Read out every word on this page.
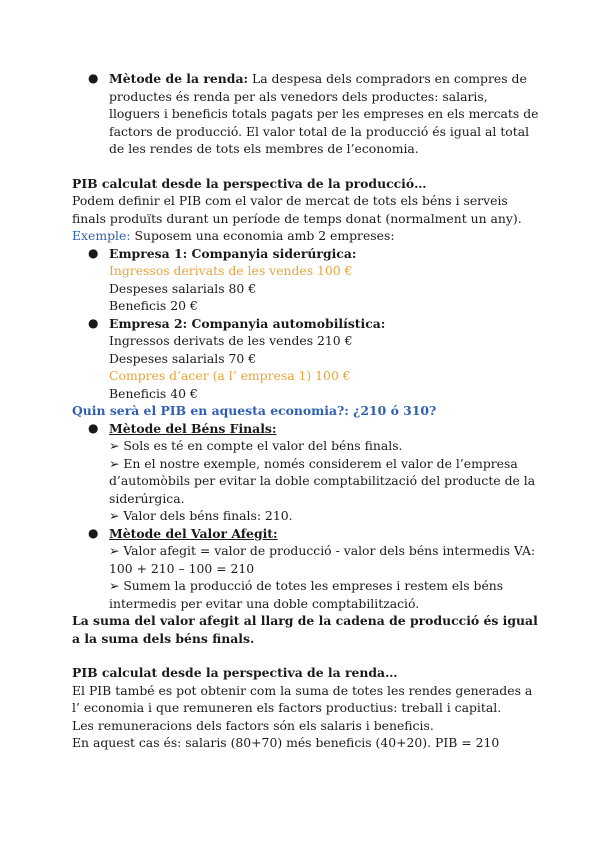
● Mètode de la renda: La despesa dels compradors en compres de productes és renda per als venedors dels productes: salaris, lloguers i beneficis totals pagats per les empreses en els mercats de factors de producció. El valor total de la producció és igual al total de les rendes de tots els membres de l’economia.

PIB calculat desde la perspectiva de la producció…

Podem definir el PIB com el valor de mercat de tots els béns i serveis finals produïts durant un període de temps donat (normalment un any).

Exemple: Suposem una economia amb 2 empreses:

● Empresa 1: Companyia siderúrgica:

Ingressos derivats de les vendes 100 €

Despeses salarials 80 €

Beneficis 20 €

● Empresa 2: Companyia automobilística:

Ingressos derivats de les vendes 210 €

Despeses salarials 70 €

Compres d’acer (a l’ empresa 1) 100 €

Beneficis 40 €

Quin serà el PIB en aquesta economia?: ¿210 ó 310?

● Mètode del Béns Finals:

➢ Sols es té en compte el valor del béns finals.

➢ En el nostre exemple, només considerem el valor de l’empresa d’automòbils per evitar la doble comptabilització del producte de la siderúrgica.

➢ Valor dels béns finals: 210.

● Mètode del Valor Afegit:

➢ Valor afegit = valor de producció - valor dels béns intermedis VA:

100 + 210 – 100 = 210

➢ Sumem la producció de totes les empreses i restem els béns intermedis per evitar una doble comptabilització.

La suma del valor afegit al llarg de la cadena de producció és igual a la suma dels béns finals.

PIB calculat desde la perspectiva de la renda…

El PIB també es pot obtenir com la suma de totes les rendes generades a l’ economia i que remuneren els factors productius: treball i capital.

Les remuneracions dels factors són els salaris i beneficis.

En aquest cas és: salaris (80+70) més beneficis (40+20). PIB = 210
